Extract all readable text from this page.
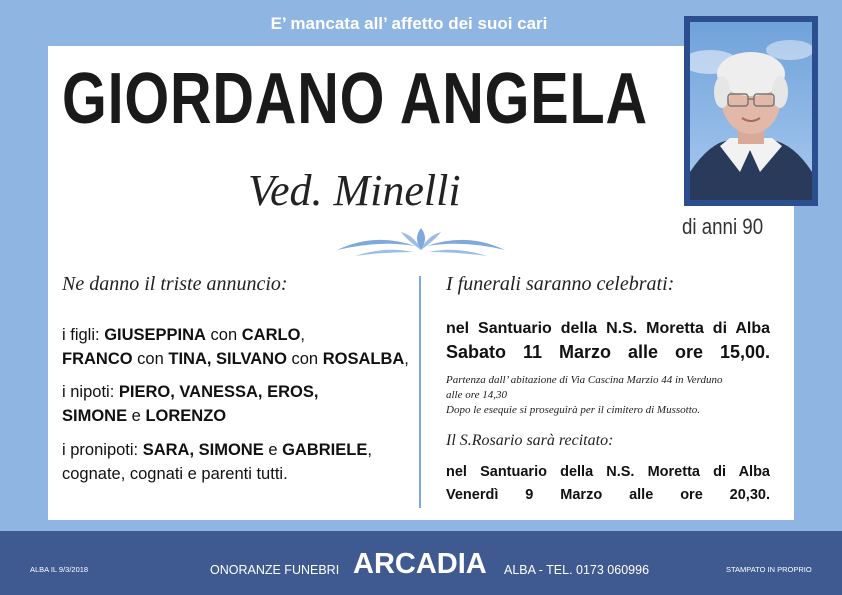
E’ mancata all’ affetto dei suoi cari
GIORDANO ANGELA
Ved. Minelli
di anni 90
Ne danno il triste annuncio:
i figli: GIUSEPPINA con CARLO,
FRANCO con TINA, SILVANO con ROSALBA,
i nipoti: PIERO, VANESSA, EROS,
SIMONE e LORENZO
i pronipoti: SARA, SIMONE e GABRIELE,
cognate, cognati e parenti tutti.
I funerali saranno celebrati:
nel Santuario della N.S. Moretta di Alba
Sabato 11 Marzo alle ore 15,00.
Partenza dall’ abitazione di Via Cascina Marzio 44 in Verduno
alle ore 14,30
Dopo le esequie si proseguirà per il cimitero di Mussotto.
Il S.Rosario sarà recitato:
nel Santuario della N.S. Moretta di Alba
Venerdì 9 Marzo alle ore 20,30.
ALBA IL 9/3/2018	ONORANZE FUNEBRI ARCADIA ALBA - TEL. 0173 060996	STAMPATO IN PROPRIO
